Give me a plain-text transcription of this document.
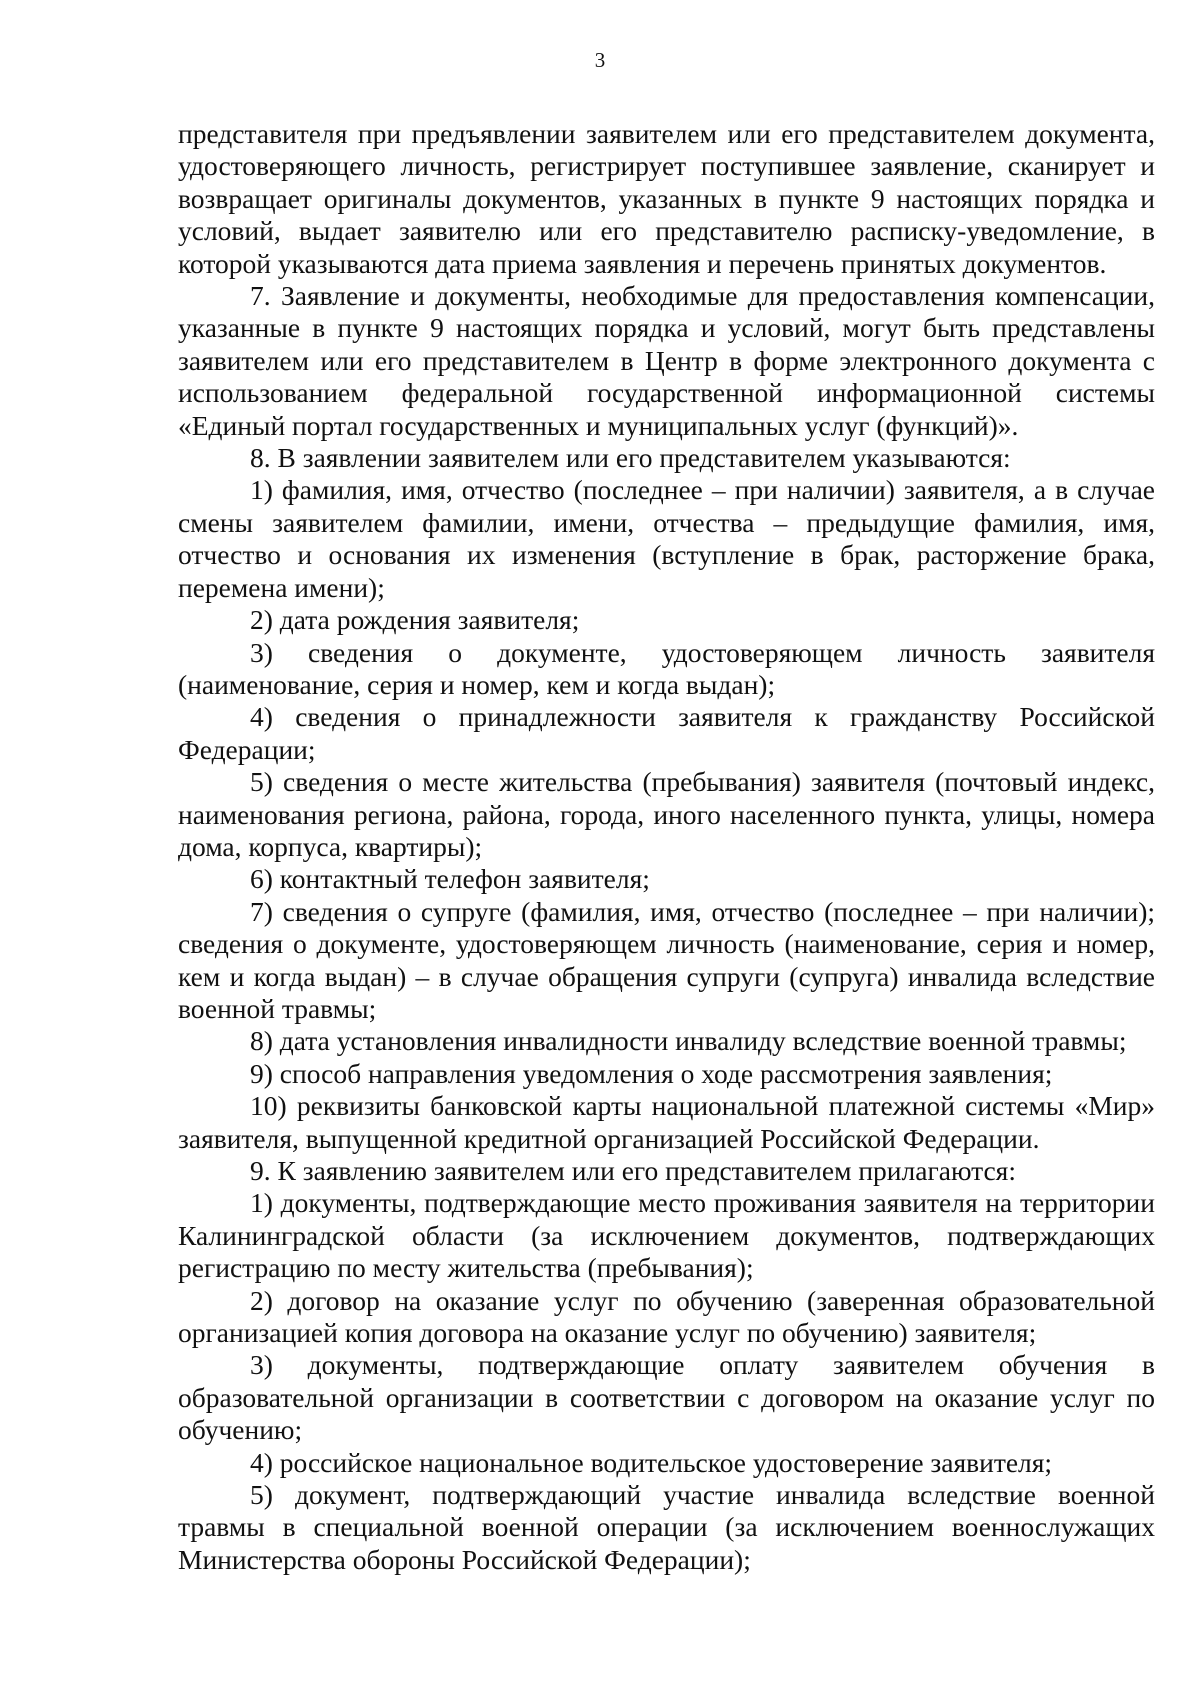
3

представителя при предъявлении заявителем или его представителем документа, удостоверяющего личность, регистрирует поступившее заявление, сканирует и возвращает оригиналы документов, указанных в пункте 9 настоящих порядка и условий, выдает заявителю или его представителю расписку-уведомление, в которой указываются дата приема заявления и перечень принятых документов.

7. Заявление и документы, необходимые для предоставления компенсации, указанные в пункте 9 настоящих порядка и условий, могут быть представлены заявителем или его представителем в Центр в форме электронного документа с использованием федеральной государственной информационной системы «Единый портал государственных и муниципальных услуг (функций)».

8. В заявлении заявителем или его представителем указываются:

1) фамилия, имя, отчество (последнее – при наличии) заявителя, а в случае смены заявителем фамилии, имени, отчества – предыдущие фамилия, имя, отчество и основания их изменения (вступление в брак, расторжение брака, перемена имени);

2) дата рождения заявителя;

3) сведения о документе, удостоверяющем личность заявителя (наименование, серия и номер, кем и когда выдан);

4) сведения о принадлежности заявителя к гражданству Российской Федерации;

5) сведения о месте жительства (пребывания) заявителя (почтовый индекс, наименования региона, района, города, иного населенного пункта, улицы, номера дома, корпуса, квартиры);

6) контактный телефон заявителя;

7) сведения о супруге (фамилия, имя, отчество (последнее – при наличии); сведения о документе, удостоверяющем личность (наименование, серия и номер, кем и когда выдан) – в случае обращения супруги (супруга) инвалида вследствие военной травмы;

8) дата установления инвалидности инвалиду вследствие военной травмы;

9) способ направления уведомления о ходе рассмотрения заявления;

10) реквизиты банковской карты национальной платежной системы «Мир» заявителя, выпущенной кредитной организацией Российской Федерации.

9. К заявлению заявителем или его представителем прилагаются:

1) документы, подтверждающие место проживания заявителя на территории Калининградской области (за исключением документов, подтверждающих регистрацию по месту жительства (пребывания);

2) договор на оказание услуг по обучению (заверенная образовательной организацией копия договора на оказание услуг по обучению) заявителя;

3) документы, подтверждающие оплату заявителем обучения в образовательной организации в соответствии с договором на оказание услуг по обучению;

4) российское национальное водительское удостоверение заявителя;

5) документ, подтверждающий участие инвалида вследствие военной травмы в специальной военной операции (за исключением военнослужащих Министерства обороны Российской Федерации);
